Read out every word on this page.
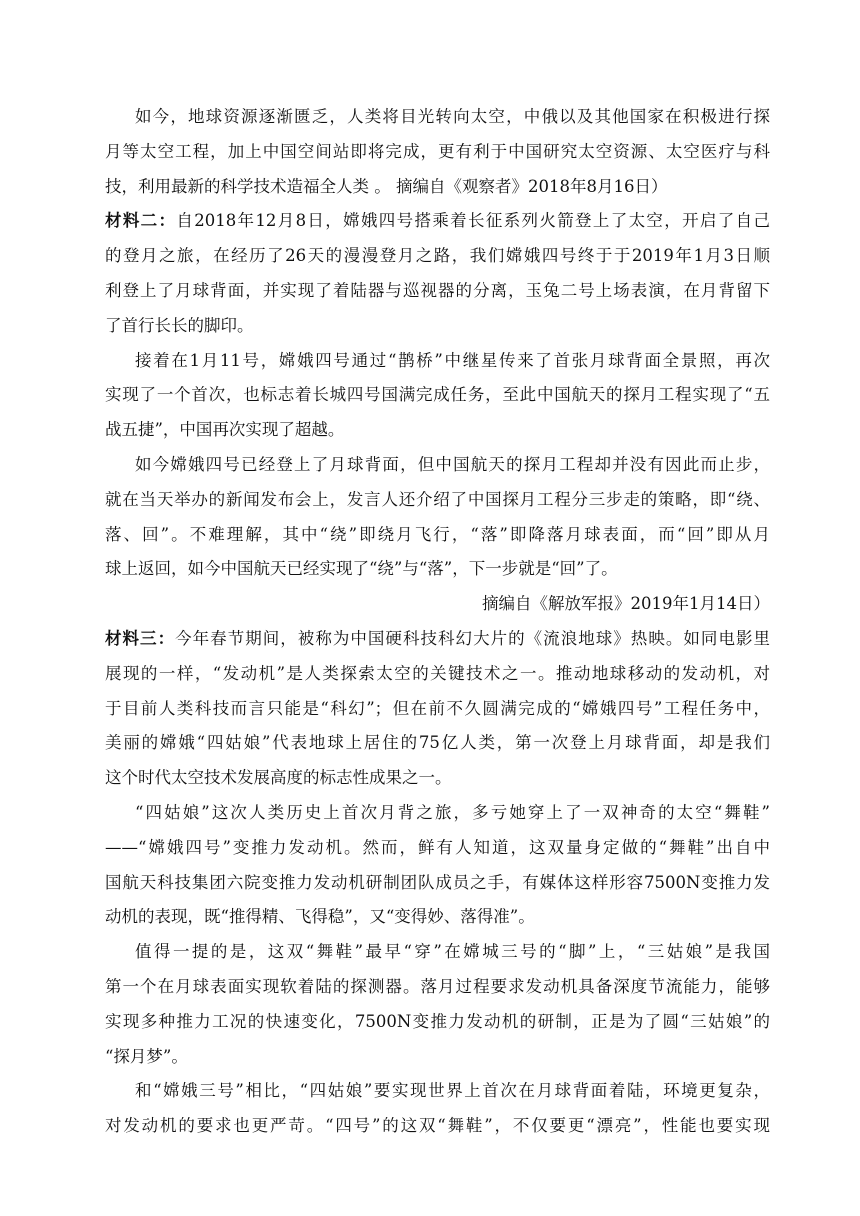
如今，地球资源逐渐匮乏，人类将目光转向太空，中俄以及其他国家在积极进行探
月等太空工程，加上中国空间站即将完成，更有利于中国研究太空资源、太空医疗与科
技，利用最新的科学技术造福全人类 。 摘编自《观察者》2018年8月16日）
材料二：自2018年12月8日，嫦娥四号搭乘着长征系列火箭登上了太空，开启了自己
的登月之旅，在经历了26天的漫漫登月之路，我们嫦娥四号终于于2019年1月3日顺
利登上了月球背面，并实现了着陆器与巡视器的分离，玉兔二号上场表演，在月背留下
了首行长长的脚印。
接着在1月11号，嫦娥四号通过“鹊桥”中继星传来了首张月球背面全景照，再次
实现了一个首次，也标志着长城四号国满完成任务，至此中国航天的探月工程实现了“五
战五捷”，中国再次实现了超越。
如今嫦娥四号已经登上了月球背面，但中国航天的探月工程却并没有因此而止步，
就在当天举办的新闻发布会上，发言人还介绍了中国探月工程分三步走的策略，即“绕、
落、回”。不难理解，其中“绕”即绕月飞行，“落”即降落月球表面，而“回”即从月
球上返回，如今中国航天已经实现了“绕”与“落”，下一步就是“回”了。
摘编自《解放军报》2019年1月14日）
材料三：今年春节期间，被称为中国硬科技科幻大片的《流浪地球》热映。如同电影里
展现的一样，“发动机”是人类探索太空的关键技术之一。推动地球移动的发动机，对
于目前人类科技而言只能是“科幻”；但在前不久圆满完成的“嫦娥四号”工程任务中，
美丽的嫦娥“四姑娘”代表地球上居住的75亿人类，第一次登上月球背面，却是我们
这个时代太空技术发展高度的标志性成果之一。
“四姑娘”这次人类历史上首次月背之旅，多亏她穿上了一双神奇的太空“舞鞋”
——“嫦娥四号”变推力发动机。然而，鲜有人知道，这双量身定做的“舞鞋”出自中
国航天科技集团六院变推力发动机研制团队成员之手，有媒体这样形容7500N变推力发
动机的表现，既“推得精、飞得稳”，又“变得妙、落得准”。
值得一提的是，这双“舞鞋”最早“穿”在嫦城三号的“脚”上，“三姑娘”是我国
第一个在月球表面实现软着陆的探测器。落月过程要求发动机具备深度节流能力，能够
实现多种推力工况的快速变化，7500N变推力发动机的研制，正是为了圆“三姑娘”的
“探月梦”。
和“嫦娥三号”相比，“四姑娘”要实现世界上首次在月球背面着陆，环境更复杂，
对发动机的要求也更严苛。“四号”的这双“舞鞋”，不仅要更“漂亮”，性能也要实现
